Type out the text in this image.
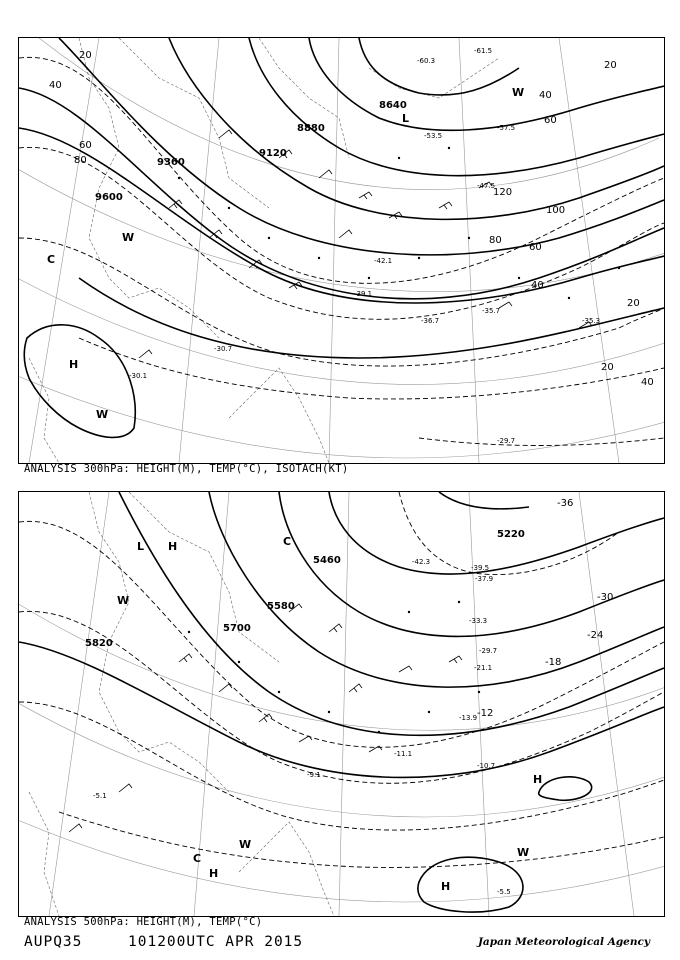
9600
9360
9120
8880
8640
20
40
60
80
100
120
80
60
40
20
40
20
60
40
20
-36.7	-35.3
-30.1
-30.7
-29.7
-39.1
-35.7
-42.1
-47.5
-53.5
-57.5
-60.3
-61.5
H
W
L
C
W
W
ANALYSIS 300hPa: HEIGHT(M), TEMP(°C), ISOTACH(KT)
5820
5700
5580
5460
5220
-36
-30
-24
-18
-12
-10.7
-5.5
-9.1
-11.1
-13.9
-21.1
-29.7
-33.3
-37.9
-42.3
-39.5
-5.1
L H	C
W
H
H
C
W
W
H
ANALYSIS 500hPa: HEIGHT(M), TEMP(°C)
AUPQ35	101200UTC APR 2015	Japan Meteorological Agency
